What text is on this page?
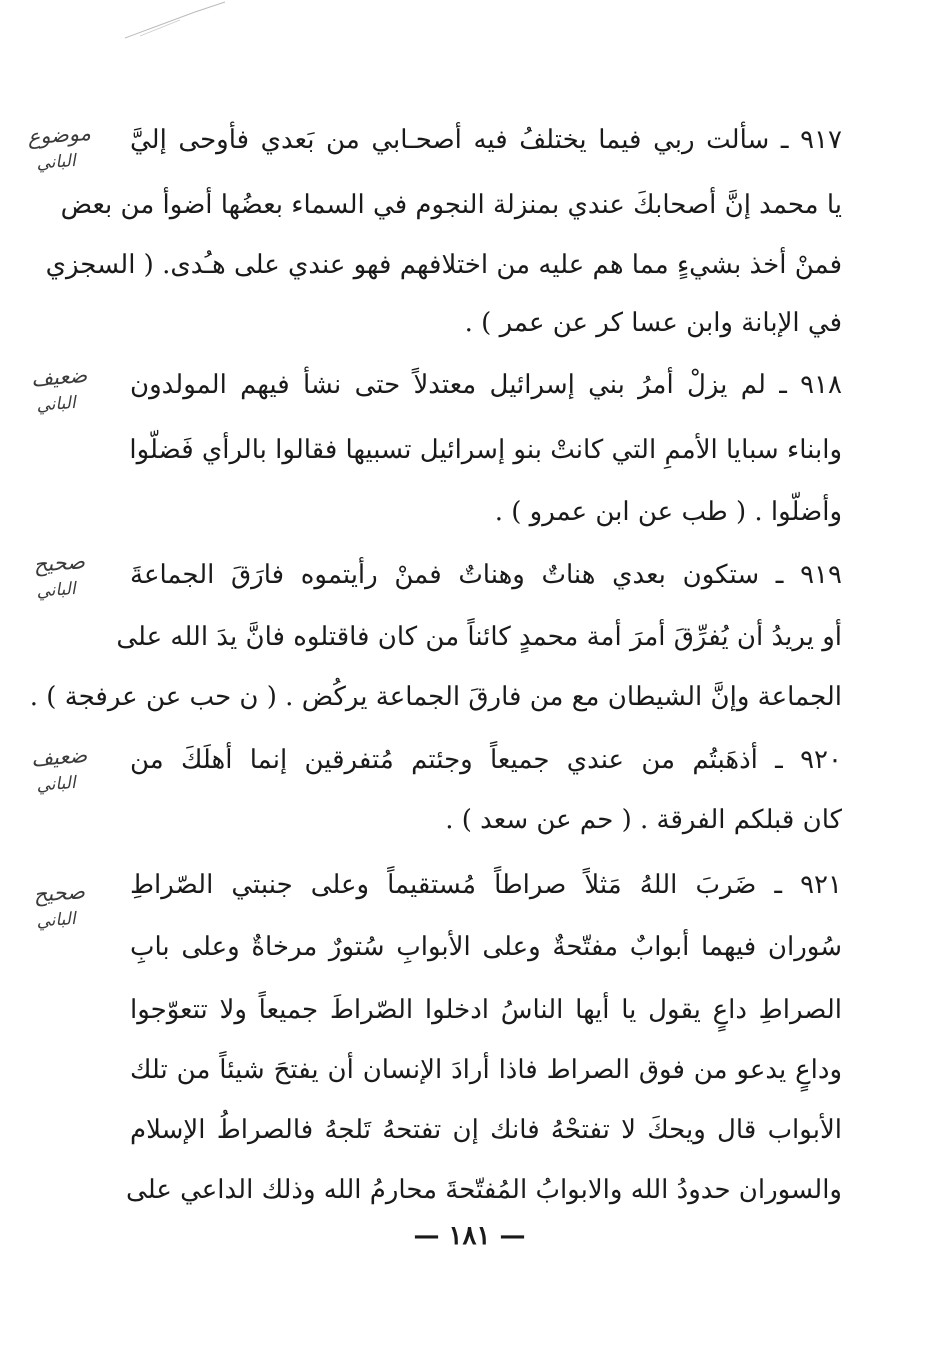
٩١٧ ـ سألت ربي فيما يختلفُ فيه أصحـابي من بَعدي فأوحى إليَّ
يا محمد إنَّ أصحابكَ عندي بمنزلة النجوم في السماء بعضُها أضوأ من بعض
فمنْ أخذ بشيءٍ مما هم عليه من اختلافهم فهو عندي على هـُدى. ( السجزي
في الإبانة وابن عسا كر عن عمر ) .
٩١٨ ـ لم يزلْ أمرُ بني إسرائيل معتدلاً حتى نشأ فيهم المولدون
وابناء سبايا الأممِ التي كانتْ بنو إسرائيل تسبيها فقالوا بالرأي فَضلّوا
وأضلّوا . ( طب عن ابن عمرو ) .
٩١٩ ـ ستكون بعدي هناتٌ وهناتٌ فمنْ رأيتموه فارَقَ الجماعةَ
أو يريدُ أن يُفرِّقَ أمرَ أمة محمدٍ كائناً من كان فاقتلوه فانَّ يدَ الله على
الجماعة وإنَّ الشيطان مع من فارقَ الجماعة يركُض . ( ن حب عن عرفجة ) .
٩٢٠ ـ أذهَبتُم من عندي جميعاً وجئتم مُتفرقين إنما أهلَكَ من
كان قبلكم الفرقة . ( حم عن سعد ) .
٩٢١ ـ ضَربَ اللهُ مَثلاً صراطاً مُستقيماً وعلى جنبتي الصّراطِ
سُوران فيهما أبوابٌ مفتّحةٌ وعلى الأبوابِ سُتورٌ مرخاةٌ وعلى بابِ
الصراطِ داعٍ يقول يا أيها الناسُ ادخلوا الصّراطَ جميعاً ولا تتعوّجوا
وداعٍ يدعو من فوق الصراط فاذا أرادَ الإنسان أن يفتحَ شيئاً من تلك
الأبواب قال ويحكَ لا تفتحْهُ فانك إن تفتحهُ تَلجهُ فالصراطُ الإسلام
والسوران حدودُ الله والابوابُ المُفتّحةَ محارمُ الله وذلك الداعي على
موضوع
الباني
ضعيف
الباني
صحيح
الباني
ضعيف
الباني
صحيح
الباني
— ١٨١ —
